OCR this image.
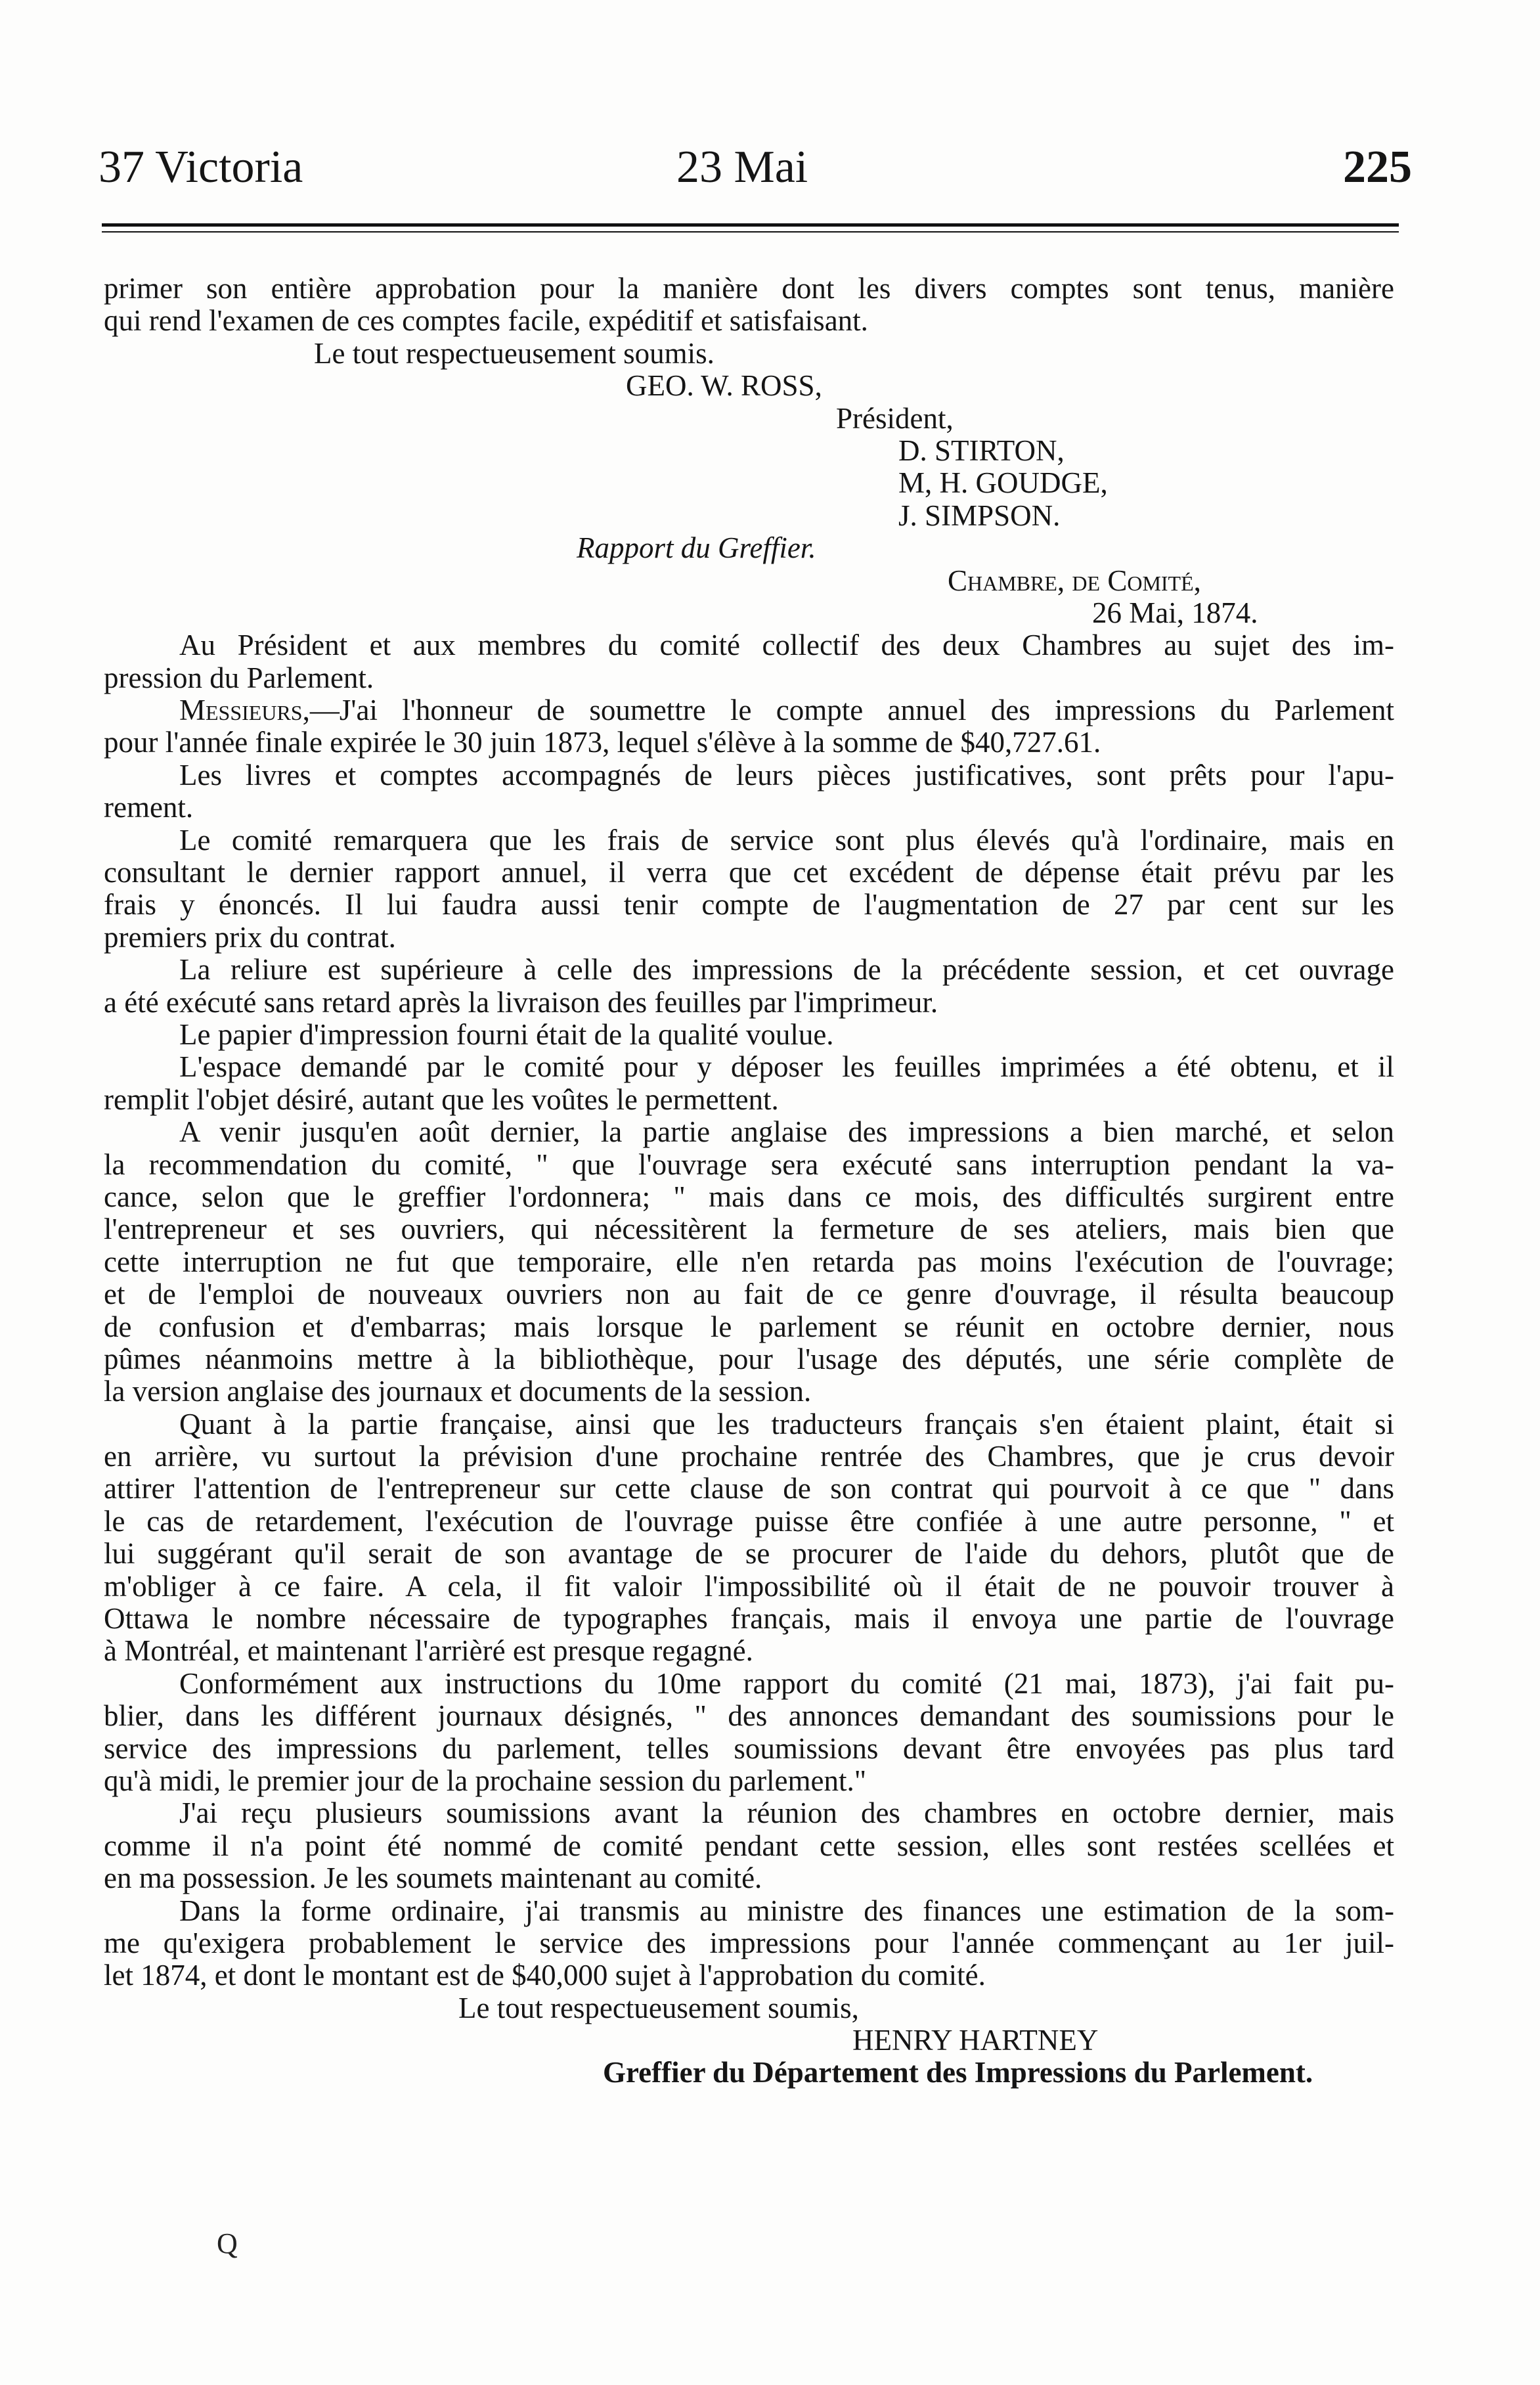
37 Victoria	23 Mai	225
primer son entière approbation pour la manière dont les divers comptes sont tenus, manière
qui rend l'examen de ces comptes facile, expéditif et satisfaisant.
Le tout respectueusement soumis.
GEO. W. ROSS,
Président,
D. STIRTON,
M, H. GOUDGE,
J. SIMPSON.
Rapport du Greffier.
Chambre, de Comité,
26 Mai, 1874.
Au Président et aux membres du comité collectif des deux Chambres au sujet des im-
pression du Parlement.
Messieurs,—J'ai l'honneur de soumettre le compte annuel des impressions du Parlement
pour l'année finale expirée le 30 juin 1873, lequel s'élève à la somme de $40,727.61.
Les livres et comptes accompagnés de leurs pièces justificatives, sont prêts pour l'apu-
rement.
Le comité remarquera que les frais de service sont plus élevés qu'à l'ordinaire, mais en
consultant le dernier rapport annuel, il verra que cet excédent de dépense était prévu par les
frais y énoncés. Il lui faudra aussi tenir compte de l'augmentation de 27 par cent sur les
premiers prix du contrat.
La reliure est supérieure à celle des impressions de la précédente session, et cet ouvrage
a été exécuté sans retard après la livraison des feuilles par l'imprimeur.
Le papier d'impression fourni était de la qualité voulue.
L'espace demandé par le comité pour y déposer les feuilles imprimées a été obtenu, et il
remplit l'objet désiré, autant que les voûtes le permettent.
A venir jusqu'en août dernier, la partie anglaise des impressions a bien marché, et selon
la recommendation du comité, " que l'ouvrage sera exécuté sans interruption pendant la va-
cance, selon que le greffier l'ordonnera; " mais dans ce mois, des difficultés surgirent entre
l'entrepreneur et ses ouvriers, qui nécessitèrent la fermeture de ses ateliers, mais bien que
cette interruption ne fut que temporaire, elle n'en retarda pas moins l'exécution de l'ouvrage;
et de l'emploi de nouveaux ouvriers non au fait de ce genre d'ouvrage, il résulta beaucoup
de confusion et d'embarras; mais lorsque le parlement se réunit en octobre dernier, nous
pûmes néanmoins mettre à la bibliothèque, pour l'usage des députés, une série complète de
la version anglaise des journaux et documents de la session.
Quant à la partie française, ainsi que les traducteurs français s'en étaient plaint, était si
en arrière, vu surtout la prévision d'une prochaine rentrée des Chambres, que je crus devoir
attirer l'attention de l'entrepreneur sur cette clause de son contrat qui pourvoit à ce que " dans
le cas de retardement, l'exécution de l'ouvrage puisse être confiée à une autre personne, " et
lui suggérant qu'il serait de son avantage de se procurer de l'aide du dehors, plutôt que de
m'obliger à ce faire. A cela, il fit valoir l'impossibilité où il était de ne pouvoir trouver à
Ottawa le nombre nécessaire de typographes français, mais il envoya une partie de l'ouvrage
à Montréal, et maintenant l'arrièré est presque regagné.
Conformément aux instructions du 10me rapport du comité (21 mai, 1873), j'ai fait pu-
blier, dans les différent journaux désignés, " des annonces demandant des soumissions pour le
service des impressions du parlement, telles soumissions devant être envoyées pas plus tard
qu'à midi, le premier jour de la prochaine session du parlement."
J'ai reçu plusieurs soumissions avant la réunion des chambres en octobre dernier, mais
comme il n'a point été nommé de comité pendant cette session, elles sont restées scellées et
en ma possession. Je les soumets maintenant au comité.
Dans la forme ordinaire, j'ai transmis au ministre des finances une estimation de la som-
me qu'exigera probablement le service des impressions pour l'année commençant au 1er juil-
let 1874, et dont le montant est de $40,000 sujet à l'approbation du comité.
Le tout respectueusement soumis,
HENRY HARTNEY
Greffier du Département des Impressions du Parlement.
Q
